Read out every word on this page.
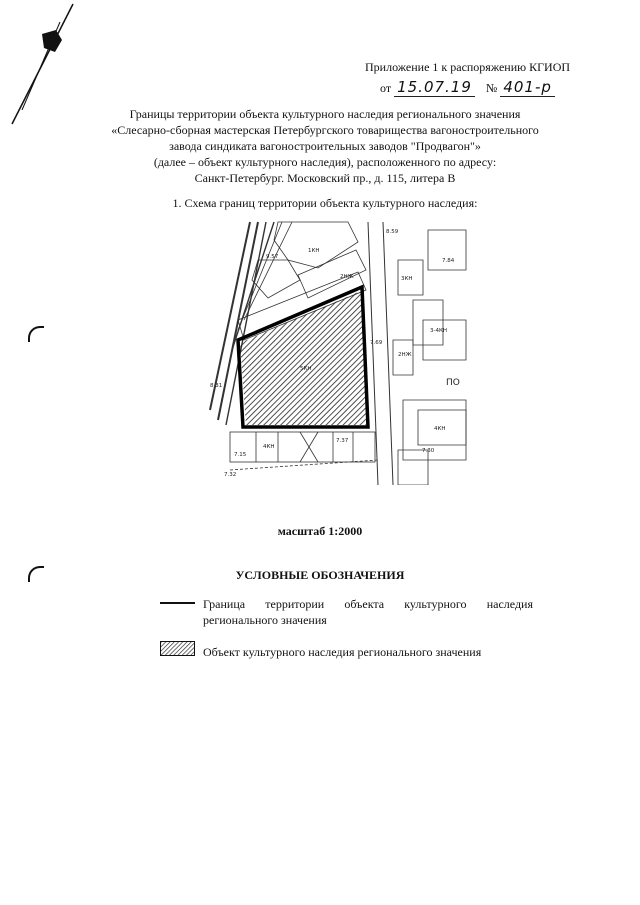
Приложение 1 к распоряжению КГИОП
от 15.07.19 № 401-р
Границы территории объекта культурного наследия регионального значения
«Слесарно-сборная мастерская Петербургского товарищества вагоностроительного
завода синдиката вагоностроительных заводов "Продвагон"»
(далее – объект культурного наследия), расположенного по адресу:
Санкт-Петербург. Московский пр., д. 115, литера В
1. Схема границ территории объекта культурного наследия:
8.59
7.84
9.57
7.69
7.15
7.37
7.32
7.30
8.31
1КН
2НЖ	3КН
3-4КН
2НЖ
4КН
5КН
4КН
ПО
масштаб 1:2000
УСЛОВНЫЕ ОБОЗНАЧЕНИЯ
Граница территории объекта культурного наследия регионального значения
Объект культурного наследия регионального значения
